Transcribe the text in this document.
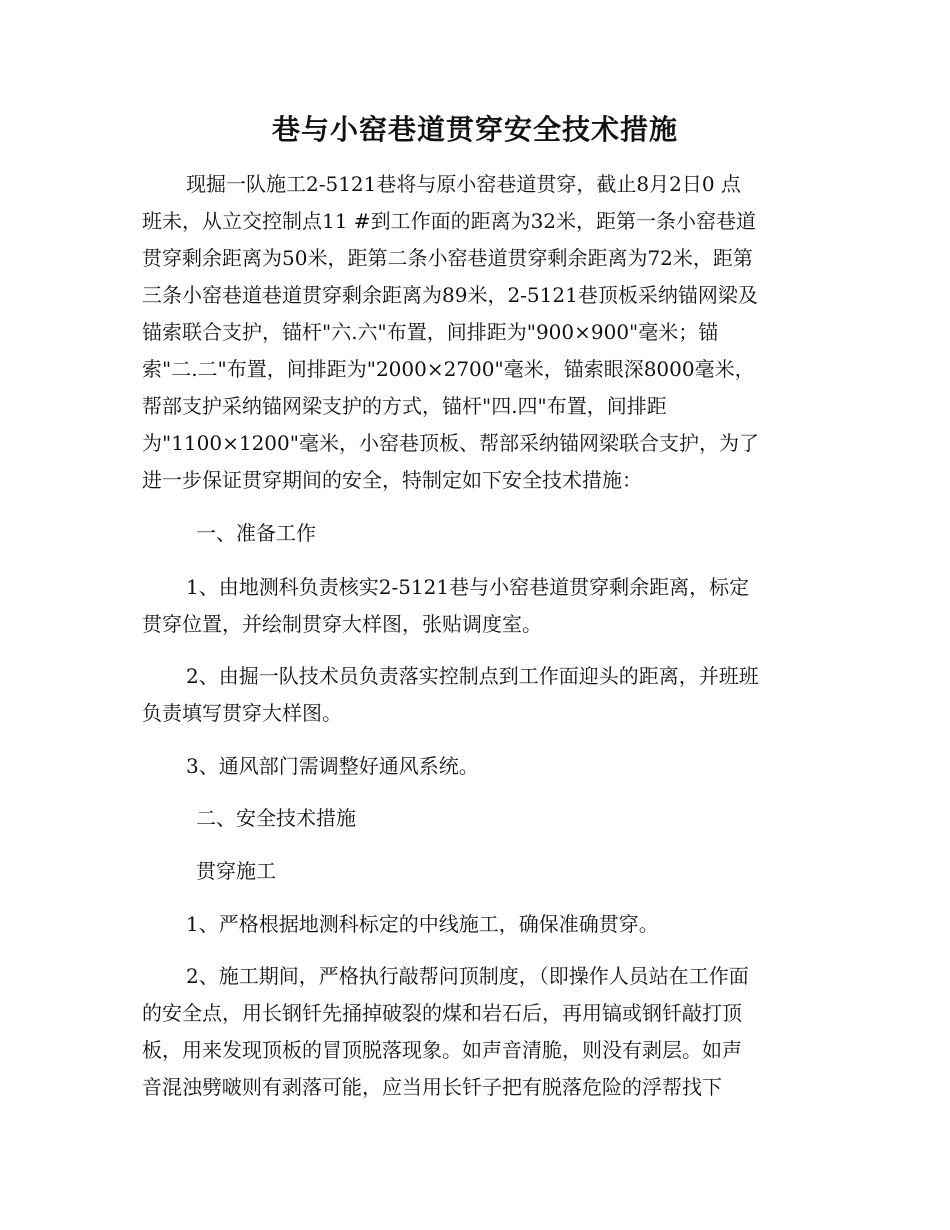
巷与小窑巷道贯穿安全技术措施
现掘一队施工2-5121巷将与原小窑巷道贯穿，截止8月2日0 点
班未，从立交控制点11 #到工作面的距离为32米，距第一条小窑巷道
贯穿剩余距离为50米，距第二条小窑巷道贯穿剩余距离为72米，距第
三条小窑巷道巷道贯穿剩余距离为89米，2-5121巷顶板采纳锚网梁及
锚索联合支护，锚杆"六.六"布置，间排距为"900×900"毫米；锚
索"二.二"布置，间排距为"2000×2700"毫米，锚索眼深8000毫米，
帮部支护采纳锚网梁支护的方式，锚杆"四.四"布置，间排距
为"1100×1200"毫米，小窑巷顶板、帮部采纳锚网梁联合支护，为了
进一步保证贯穿期间的安全，特制定如下安全技术措施：
一、准备工作
1、由地测科负责核实2-5121巷与小窑巷道贯穿剩余距离，标定
贯穿位置，并绘制贯穿大样图，张贴调度室。
2、由掘一队技术员负责落实控制点到工作面迎头的距离，并班班
负责填写贯穿大样图。
3、通风部门需调整好通风系统。
二、安全技术措施
贯穿施工
1、严格根据地测科标定的中线施工，确保准确贯穿。
2、施工期间，严格执行敲帮问顶制度，（即操作人员站在工作面
的安全点，用长钢钎先捅掉破裂的煤和岩石后，再用镐或钢钎敲打顶
板，用来发现顶板的冒顶脱落现象。如声音清脆，则没有剥层。如声
音混浊劈啵则有剥落可能，应当用长钎子把有脱落危险的浮帮找下
